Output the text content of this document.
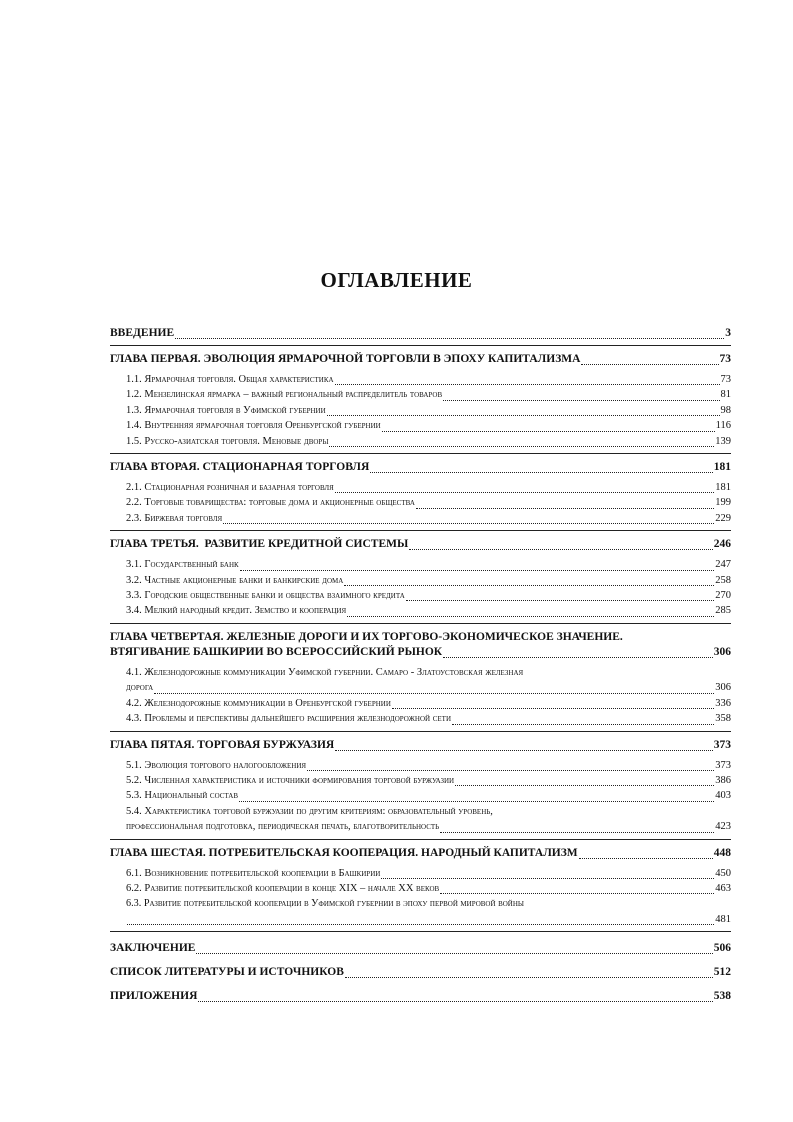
ОГЛАВЛЕНИЕ
ВВЕДЕНИЕ	3
ГЛАВА ПЕРВАЯ. ЭВОЛЮЦИЯ ЯРМАРОЧНОЙ ТОРГОВЛИ В ЭПОХУ КАПИТАЛИЗМА	73
1.1. Ярмарочная торговля. Общая характеристика	73
1.2. Мензелинская ярмарка – важный региональный распределитель товаров	81
1.3. Ярмарочная торговля в Уфимской губернии	98
1.4. Внутренняя ярмарочная торговля Оренбургской губернии	116
1.5. Русско-азиатская торговля. Меновые дворы	139
ГЛАВА ВТОРАЯ. СТАЦИОНАРНАЯ ТОРГОВЛЯ	181
2.1. Стационарная розничная и базарная торговля	181
2.2. Торговые товарищества: торговые дома и акционерные общества	199
2.3. Биржевая торговля	229
ГЛАВА ТРЕТЬЯ.  РАЗВИТИЕ КРЕДИТНОЙ СИСТЕМЫ	246
3.1. Государственный банк	247
3.2. Частные акционерные банки и банкирские дома	258
3.3. Городские общественные банки и общества взаимного кредита	270
3.4. Мелкий народный кредит. Земство и кооперация	285
ГЛАВА ЧЕТВЕРТАЯ. ЖЕЛЕЗНЫЕ ДОРОГИ И ИХ ТОРГОВО-ЭКОНОМИЧЕСКОЕ ЗНАЧЕНИЕ.
ВТЯГИВАНИЕ БАШКИРИИ ВО ВСЕРОССИЙСКИЙ РЫНОК	306
4.1. Железнодорожные коммуникации Уфимской губернии. Самаро - Златоустовская железная
дорога	306
4.2. Железнодорожные коммуникации в Оренбургской губернии	336
4.3. Проблемы и перспективы дальнейшего расширения железнодорожной сети	358
ГЛАВА ПЯТАЯ. ТОРГОВАЯ БУРЖУАЗИЯ	373
5.1. Эволюция торгового налогообложения	373
5.2. Численная характеристика и источники формирования торговой буржуазии	386
5.3. Национальный состав	403
5.4. Характеристика торговой буржуазии по другим критериям: образовательный уровень,
профессиональная подготовка, периодическая печать, благотворительность	423
ГЛАВА ШЕСТАЯ. ПОТРЕБИТЕЛЬСКАЯ КООПЕРАЦИЯ. НАРОДНЫЙ КАПИТАЛИЗМ	448
6.1. Возникновение потребительской кооперации в Башкирии	450
6.2. Развитие потребительской кооперации в конце XIX – начале XX веков	463
6.3. Развитие потребительской кооперации в Уфимской губернии в эпоху первой мировой войны
481
ЗАКЛЮЧЕНИЕ	506
СПИСОК ЛИТЕРАТУРЫ И ИСТОЧНИКОВ	512
ПРИЛОЖЕНИЯ	538
